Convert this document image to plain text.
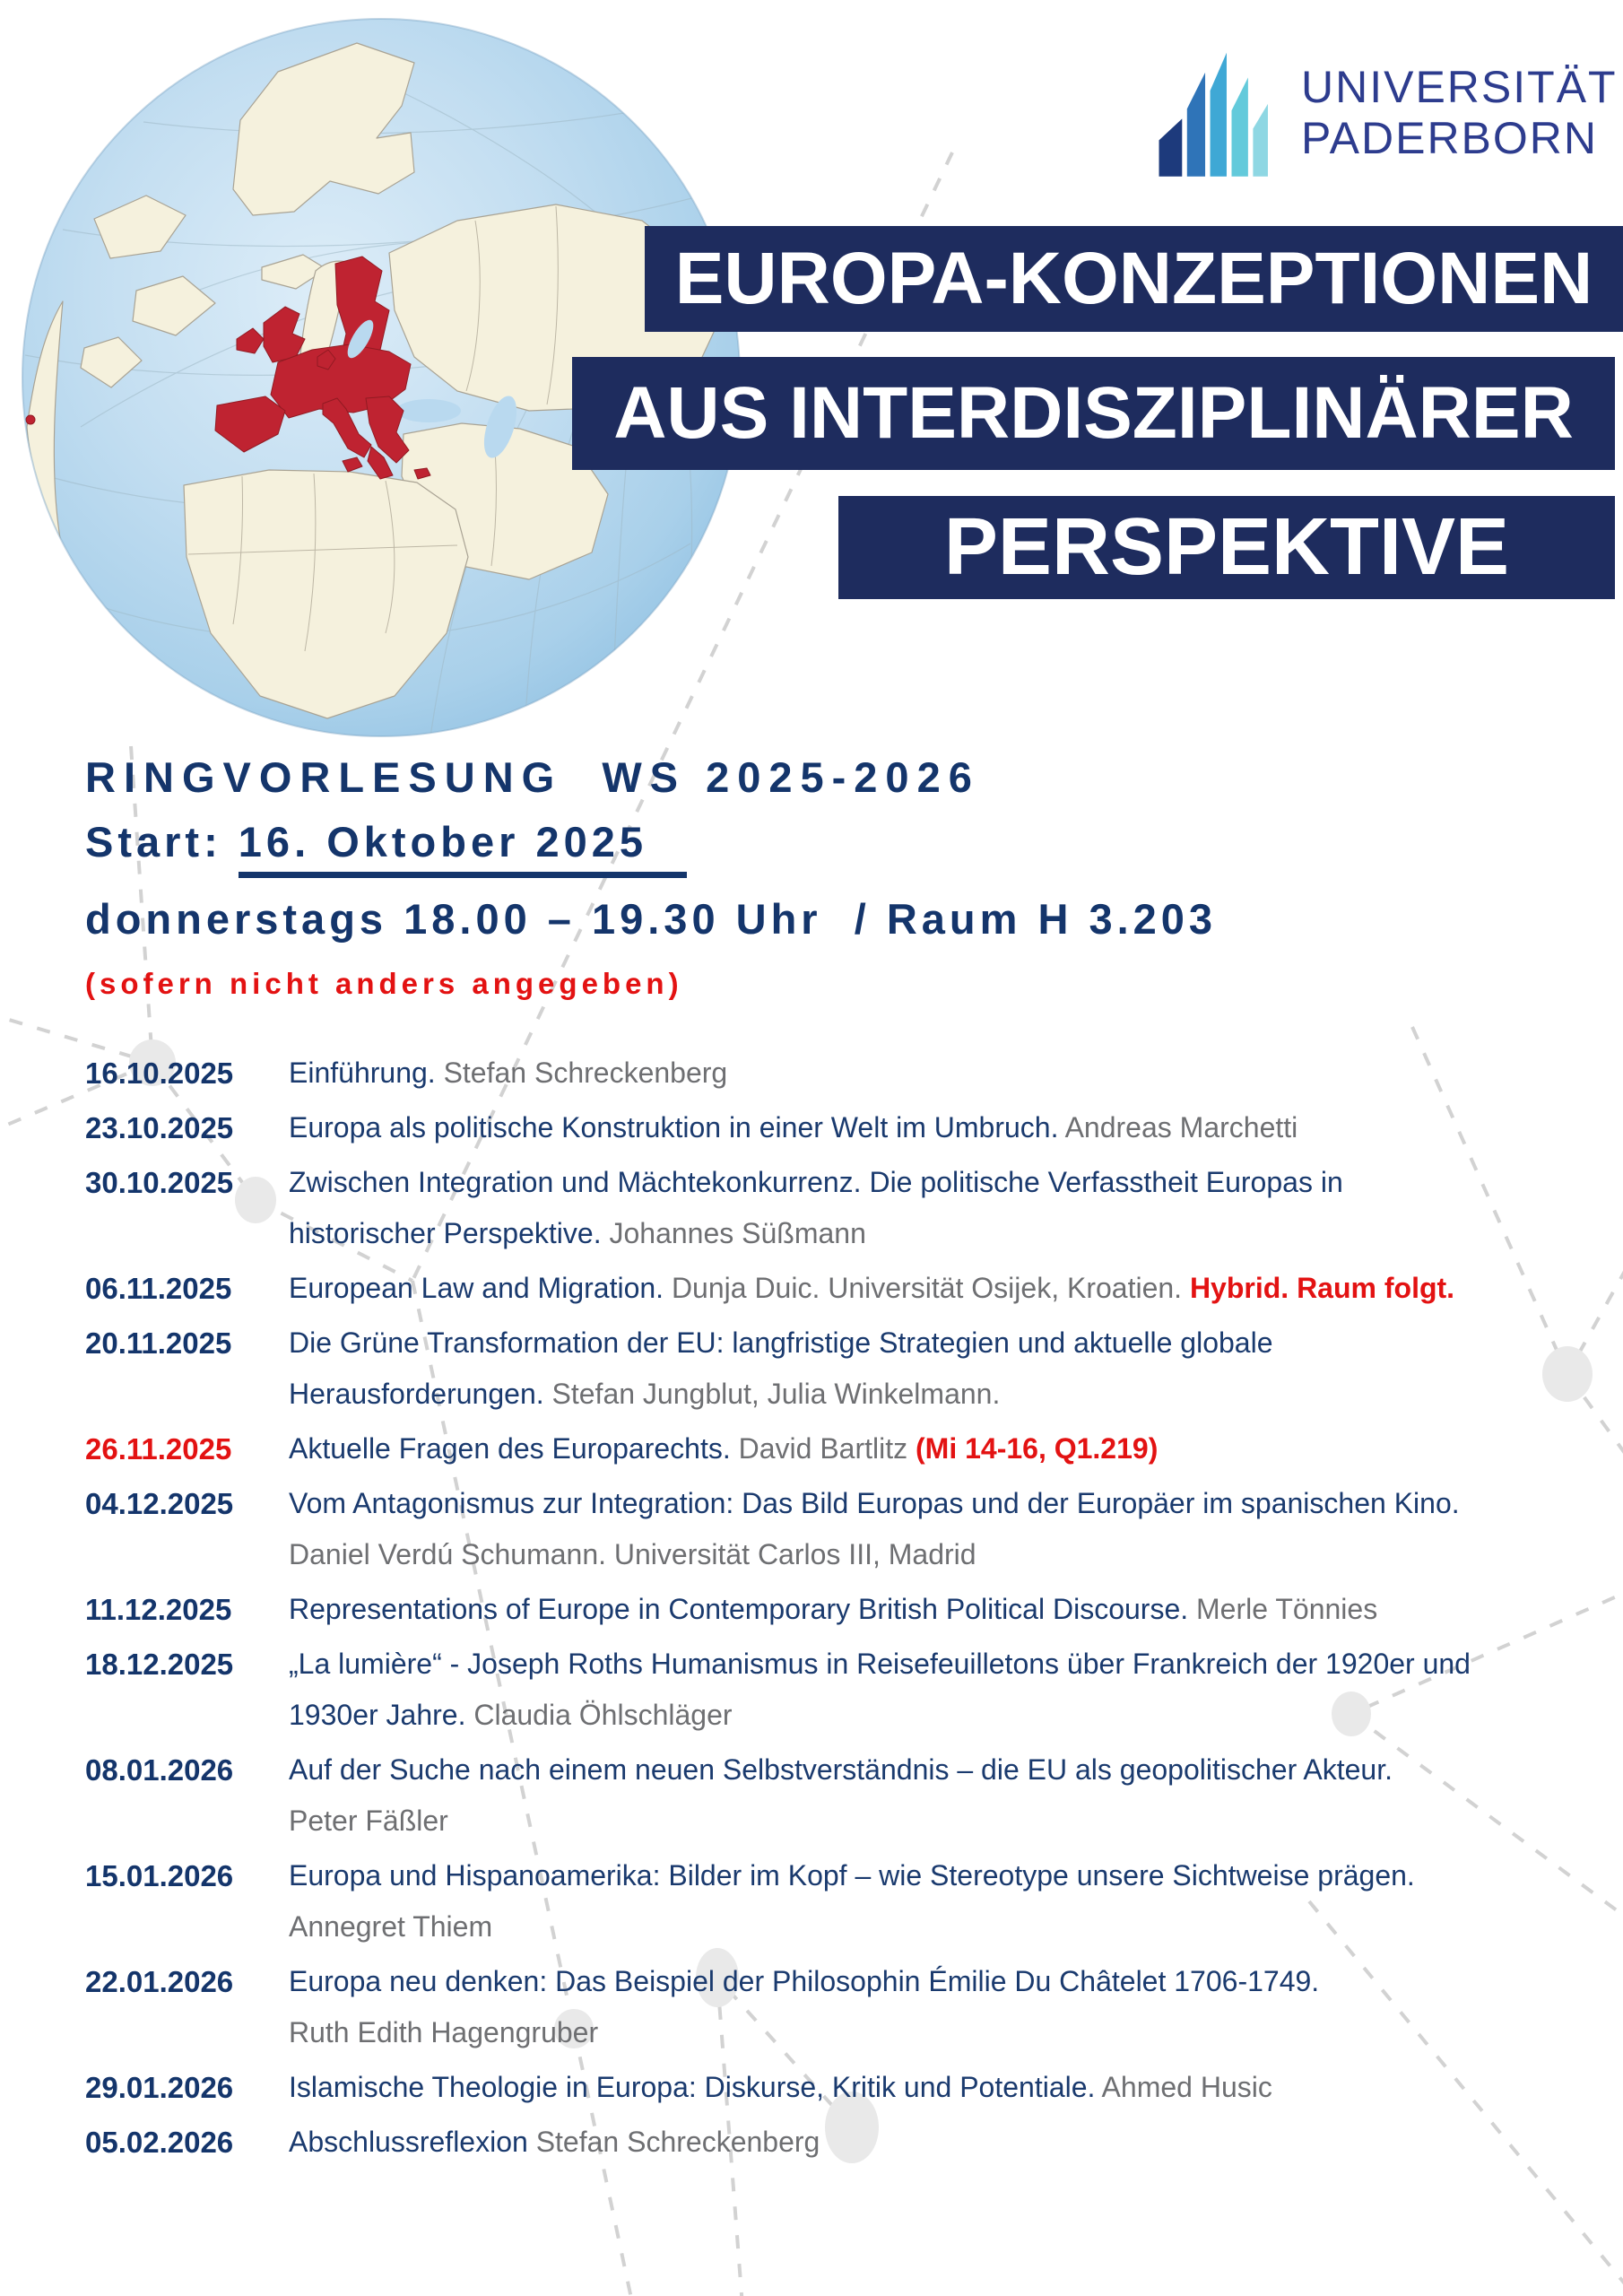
UNIVERSITÄT
PADERBORN
EUROPA-KONZEPTIONEN
AUS INTERDISZIPLINÄRER
PERSPEKTIVE
RINGVORLESUNG  WS 2025-2026
Start: 16. Oktober 2025
donnerstags 18.00 – 19.30 Uhr  / Raum H 3.203
(sofern nicht anders angegeben)
16.10.2025	Einführung. Stefan Schreckenberg
23.10.2025	Europa als politische Konstruktion in einer Welt im Umbruch. Andreas Marchetti
30.10.2025	Zwischen Integration und Mächtekonkurrenz. Die politische Verfasstheit Europas in
historischer Perspektive. Johannes Süßmann
06.11.2025	European Law and Migration. Dunja Duic. Universität Osijek, Kroatien. Hybrid. Raum folgt.
20.11.2025	Die Grüne Transformation der EU: langfristige Strategien und aktuelle globale
Herausforderungen. Stefan Jungblut, Julia Winkelmann.
26.11.2025	Aktuelle Fragen des Europarechts. David Bartlitz (Mi 14-16, Q1.219)
04.12.2025	Vom Antagonismus zur Integration: Das Bild Europas und der Europäer im spanischen Kino.
Daniel Verdú Schumann. Universität Carlos III, Madrid
11.12.2025	Representations of Europe in Contemporary British Political Discourse. Merle Tönnies
18.12.2025	„La lumière“ - Joseph Roths Humanismus in Reisefeuilletons über Frankreich der 1920er und
1930er Jahre. Claudia Öhlschläger
08.01.2026	Auf der Suche nach einem neuen Selbstverständnis – die EU als geopolitischer Akteur.
Peter Fäßler
15.01.2026	Europa und Hispanoamerika: Bilder im Kopf – wie Stereotype unsere Sichtweise prägen.
Annegret Thiem
22.01.2026	Europa neu denken: Das Beispiel der Philosophin Émilie Du Châtelet 1706-1749.
Ruth Edith Hagengruber
29.01.2026	Islamische Theologie in Europa: Diskurse, Kritik und Potentiale. Ahmed Husic
05.02.2026	Abschlussreflexion Stefan Schreckenberg
